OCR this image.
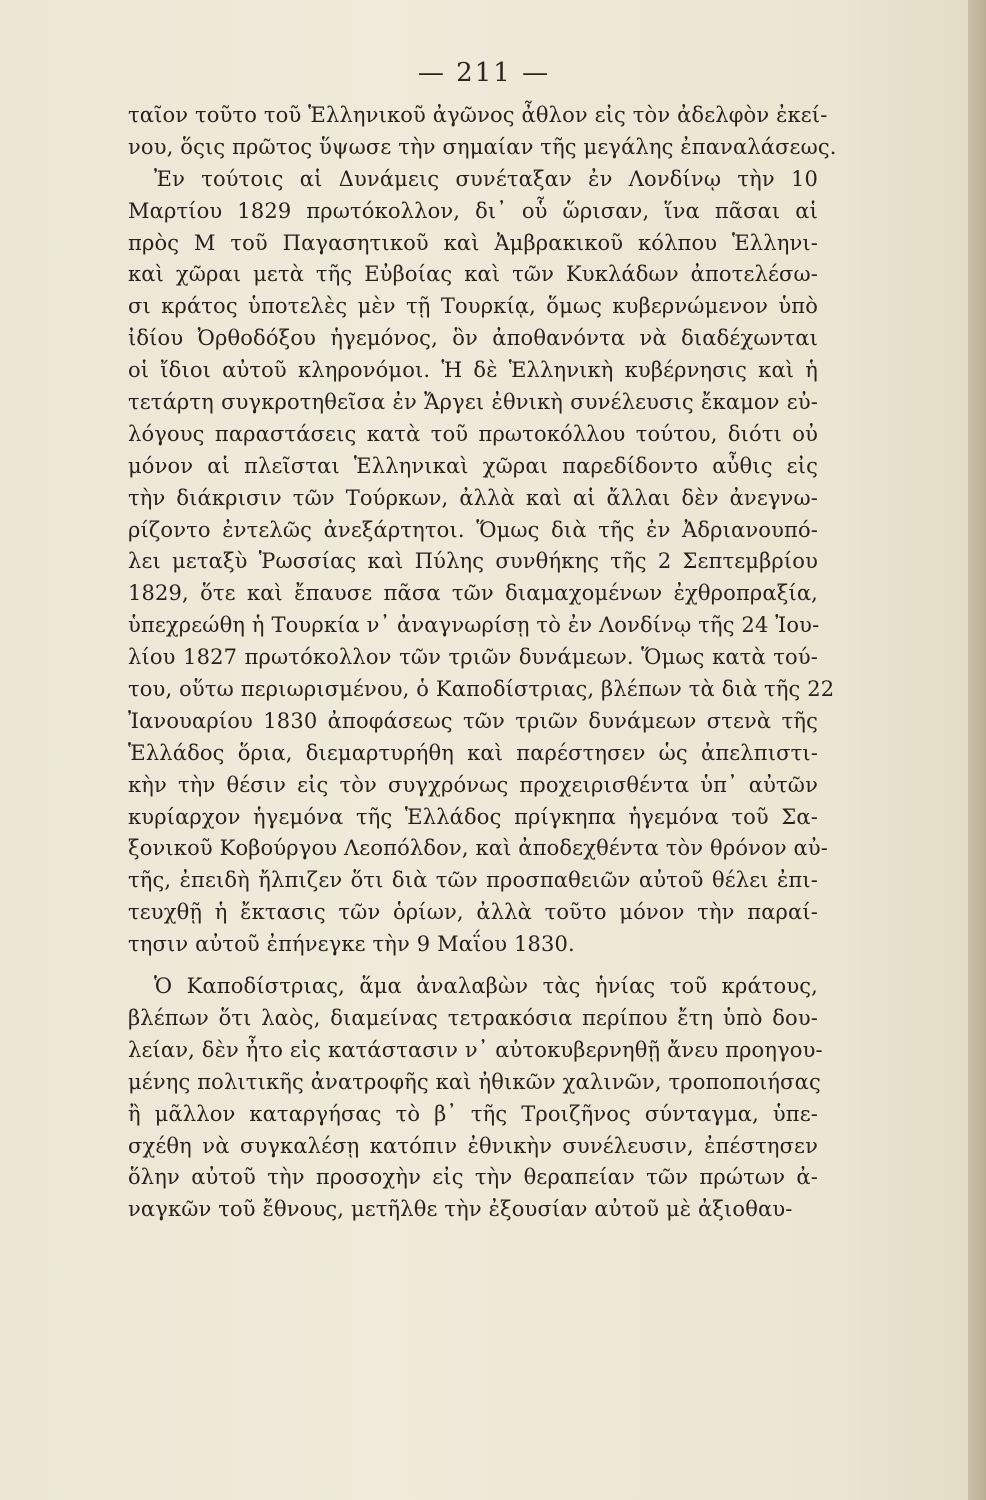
— 211 —
ταῖον τοῦτο τοῦ Ἑλληνικοῦ ἀγῶνος ἆθλον εἰς τὸν ἀδελφὸν ἐκεί-
νου, ὅςις πρῶτος ὕψωσε τὴν σημαίαν τῆς μεγάλης ἐπαναλάσεως.
Ἐν τούτοις αἱ Δυνάμεις συνέταξαν ἐν Λονδίνῳ τὴν 10
Μαρτίου 1829 πρωτόκολλον, δι᾽ οὗ ὥρισαν, ἵνα πᾶσαι αἱ
πρὸς Μ τοῦ Παγασητικοῦ καὶ Ἀμβρακικοῦ κόλπου Ἑλληνι-
καὶ χῶραι μετὰ τῆς Εὐβοίας καὶ τῶν Κυκλάδων ἀποτελέσω-
σι κράτος ὑποτελὲς μὲν τῇ Τουρκίᾳ, ὅμως κυβερνώμενον ὑπὸ
ἰδίου Ὀρθοδόξου ἡγεμόνος, ὃν ἀποθανόντα νὰ διαδέχωνται
οἱ ἴδιοι αὐτοῦ κληρονόμοι. Ἡ δὲ Ἑλληνικὴ κυβέρνησις καὶ ἡ
τετάρτη συγκροτηθεῖσα ἐν Ἄργει ἐθνικὴ συνέλευσις ἔκαμον εὐ-
λόγους παραστάσεις κατὰ τοῦ πρωτοκόλλου τούτου, διότι οὐ
μόνον αἱ πλεῖσται Ἑλληνικαὶ χῶραι παρεδίδοντο αὖθις εἰς
τὴν διάκρισιν τῶν Τούρκων, ἀλλὰ καὶ αἱ ἄλλαι δὲν ἀνεγνω-
ρίζοντο ἐντελῶς ἀνεξάρτητοι. Ὅμως διὰ τῆς ἐν Ἀδριανουπό-
λει μεταξὺ Ῥωσσίας καὶ Πύλης συνθήκης τῆς 2 Σεπτεμβρίου
1829, ὅτε καὶ ἔπαυσε πᾶσα τῶν διαμαχομένων ἐχθροπραξία,
ὑπεχρεώθη ἡ Τουρκία ν᾽ ἀναγνωρίσῃ τὸ ἐν Λονδίνῳ τῆς 24 Ἰου-
λίου 1827 πρωτόκολλον τῶν τριῶν δυνάμεων. Ὅμως κατὰ τού-
του, οὕτω περιωρισμένου, ὁ Καποδίστριας, βλέπων τὰ διὰ τῆς 22
Ἰανουαρίου 1830 ἀποφάσεως τῶν τριῶν δυνάμεων στενὰ τῆς
Ἑλλάδος ὅρια, διεμαρτυρήθη καὶ παρέστησεν ὡς ἀπελπιστι-
κὴν τὴν θέσιν εἰς τὸν συγχρόνως προχειρισθέντα ὑπ᾽ αὐτῶν
κυρίαρχον ἡγεμόνα τῆς Ἑλλάδος πρίγκηπα ἡγεμόνα τοῦ Σα-
ξονικοῦ Κοβούργου Λεοπόλδον, καὶ ἀποδεχθέντα τὸν θρόνον αὐ-
τῆς, ἐπειδὴ ἤλπιζεν ὅτι διὰ τῶν προσπαθειῶν αὐτοῦ θέλει ἐπι-
τευχθῇ ἡ ἔκτασις τῶν ὁρίων, ἀλλὰ τοῦτο μόνον τὴν παραί-
τησιν αὐτοῦ ἐπήνεγκε τὴν 9 Μαΐου 1830.
Ὁ Καποδίστριας, ἅμα ἀναλαβὼν τὰς ἡνίας τοῦ κράτους,
βλέπων ὅτι λαὸς, διαμείνας τετρακόσια περίπου ἔτη ὑπὸ δου-
λείαν, δὲν ἦτο εἰς κατάστασιν ν᾽ αὐτοκυβερνηθῇ ἄνευ προηγου-
μένης πολιτικῆς ἀνατροφῆς καὶ ἠθικῶν χαλινῶν, τροποποιήσας
ἢ μᾶλλον καταργήσας τὸ β᾽ τῆς Τροιζῆνος σύνταγμα, ὑπε-
σχέθη νὰ συγκαλέσῃ κατόπιν ἐθνικὴν συνέλευσιν, ἐπέστησεν
ὅλην αὐτοῦ τὴν προσοχὴν εἰς τὴν θεραπείαν τῶν πρώτων ἀ-
ναγκῶν τοῦ ἔθνους, μετῆλθε τὴν ἐξουσίαν αὐτοῦ μὲ ἀξιοθαυ-
